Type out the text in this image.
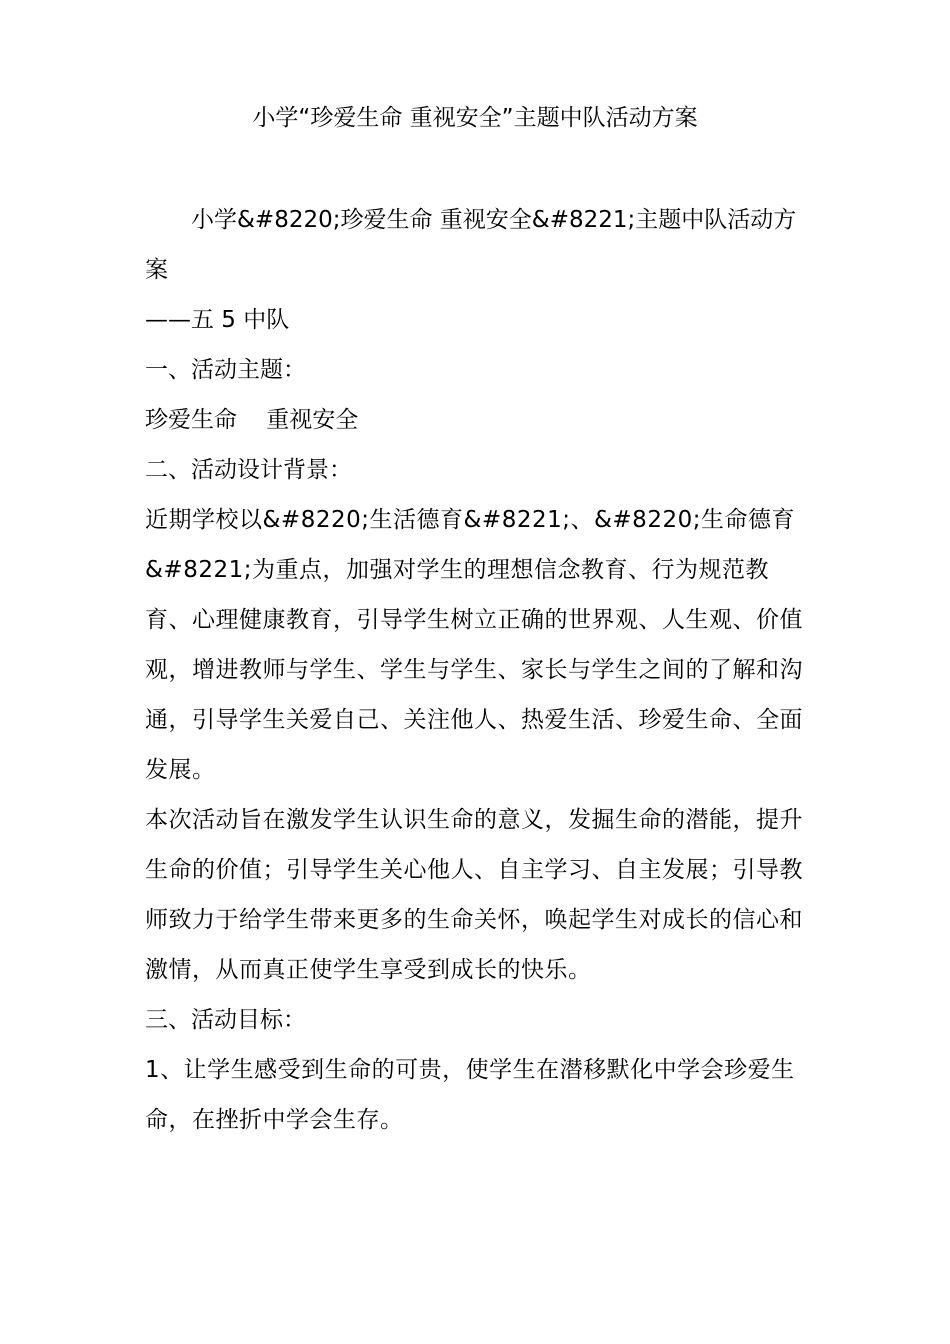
小学“珍爱生命 重视安全”主题中队活动方案

小学&#8220;珍爱生命 重视安全&#8221;主题中队活动方案

——五 5 中队

一、活动主题：

珍爱生命    重视安全

二、活动设计背景：

近期学校以&#8220;生活德育&#8221;、&#8220;生命德育&#8221;为重点，加强对学生的理想信念教育、行为规范教育、心理健康教育，引导学生树立正确的世界观、人生观、价值观，增进教师与学生、学生与学生、家长与学生之间的了解和沟通，引导学生关爱自己、关注他人、热爱生活、珍爱生命、全面发展。

本次活动旨在激发学生认识生命的意义，发掘生命的潜能，提升生命的价值；引导学生关心他人、自主学习、自主发展；引导教师致力于给学生带来更多的生命关怀，唤起学生对成长的信心和激情，从而真正使学生享受到成长的快乐。

三、活动目标：

1、让学生感受到生命的可贵，使学生在潜移默化中学会珍爱生命，在挫折中学会生存。
